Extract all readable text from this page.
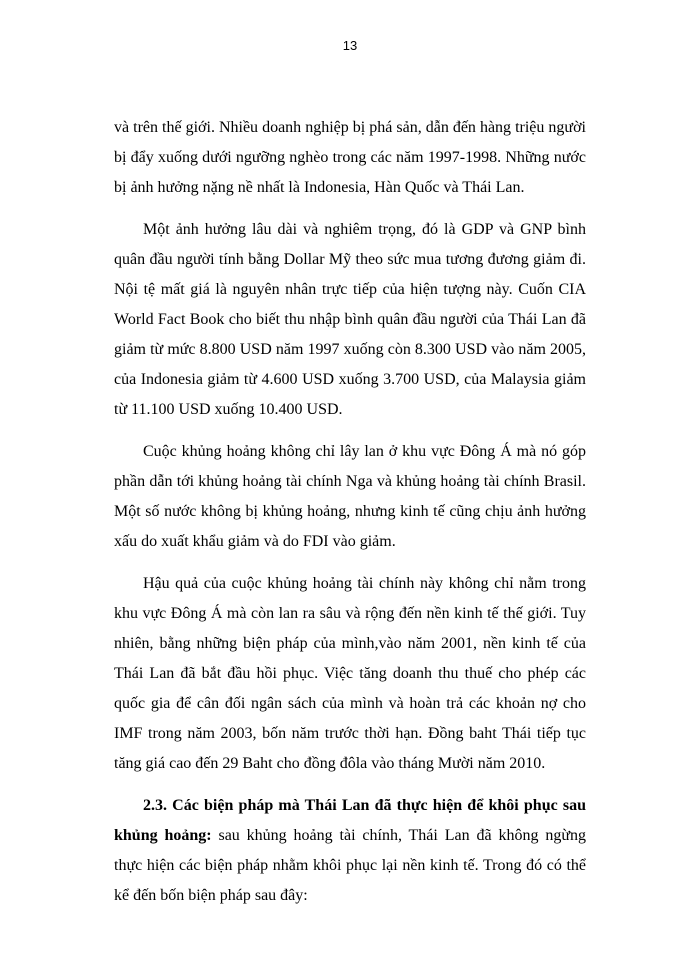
13

và trên thế giới. Nhiều doanh nghiệp bị phá sản, dẫn đến hàng triệu người bị đẩy xuống dưới ngưỡng nghèo trong các năm 1997-1998. Những nước bị ảnh hưởng nặng nề nhất là Indonesia, Hàn Quốc và Thái Lan.

Một ảnh hưởng lâu dài và nghiêm trọng, đó là GDP và GNP bình quân đầu người tính bằng Dollar Mỹ theo sức mua tương đương giảm đi. Nội tệ mất giá là nguyên nhân trực tiếp của hiện tượng này. Cuốn CIA World Fact Book cho biết thu nhập bình quân đầu người của Thái Lan đã giảm từ mức 8.800 USD năm 1997 xuống còn 8.300 USD vào năm 2005, của Indonesia giảm từ 4.600 USD xuống 3.700 USD, của Malaysia giảm từ 11.100 USD xuống 10.400 USD.

Cuộc khủng hoảng không chỉ lây lan ở khu vực Đông Á mà nó góp phần dẫn tới khủng hoảng tài chính Nga và khủng hoảng tài chính Brasil. Một số nước không bị khủng hoảng, nhưng kinh tế cũng chịu ảnh hưởng xấu do xuất khẩu giảm và do FDI vào giảm.

Hậu quả của cuộc khủng hoảng tài chính này không chỉ nằm trong khu vực Đông Á mà còn lan ra sâu và rộng đến nền kinh tế thế giới. Tuy nhiên, bằng những biện pháp của mình,vào năm 2001, nền kinh tế của Thái Lan đã bắt đầu hồi phục. Việc tăng doanh thu thuế cho phép các quốc gia để cân đối ngân sách của mình và hoàn trả các khoản nợ cho IMF trong năm 2003, bốn năm trước thời hạn. Đồng baht Thái tiếp tục tăng giá cao đến 29 Baht cho đồng đôla vào tháng Mười năm 2010.

2.3. Các biện pháp mà Thái Lan đã thực hiện để khôi phục sau khủng hoảng: sau khủng hoảng tài chính, Thái Lan đã không ngừng thực hiện các biện pháp nhằm khôi phục lại nền kinh tế. Trong đó có thể kể đến bốn biện pháp sau đây:
